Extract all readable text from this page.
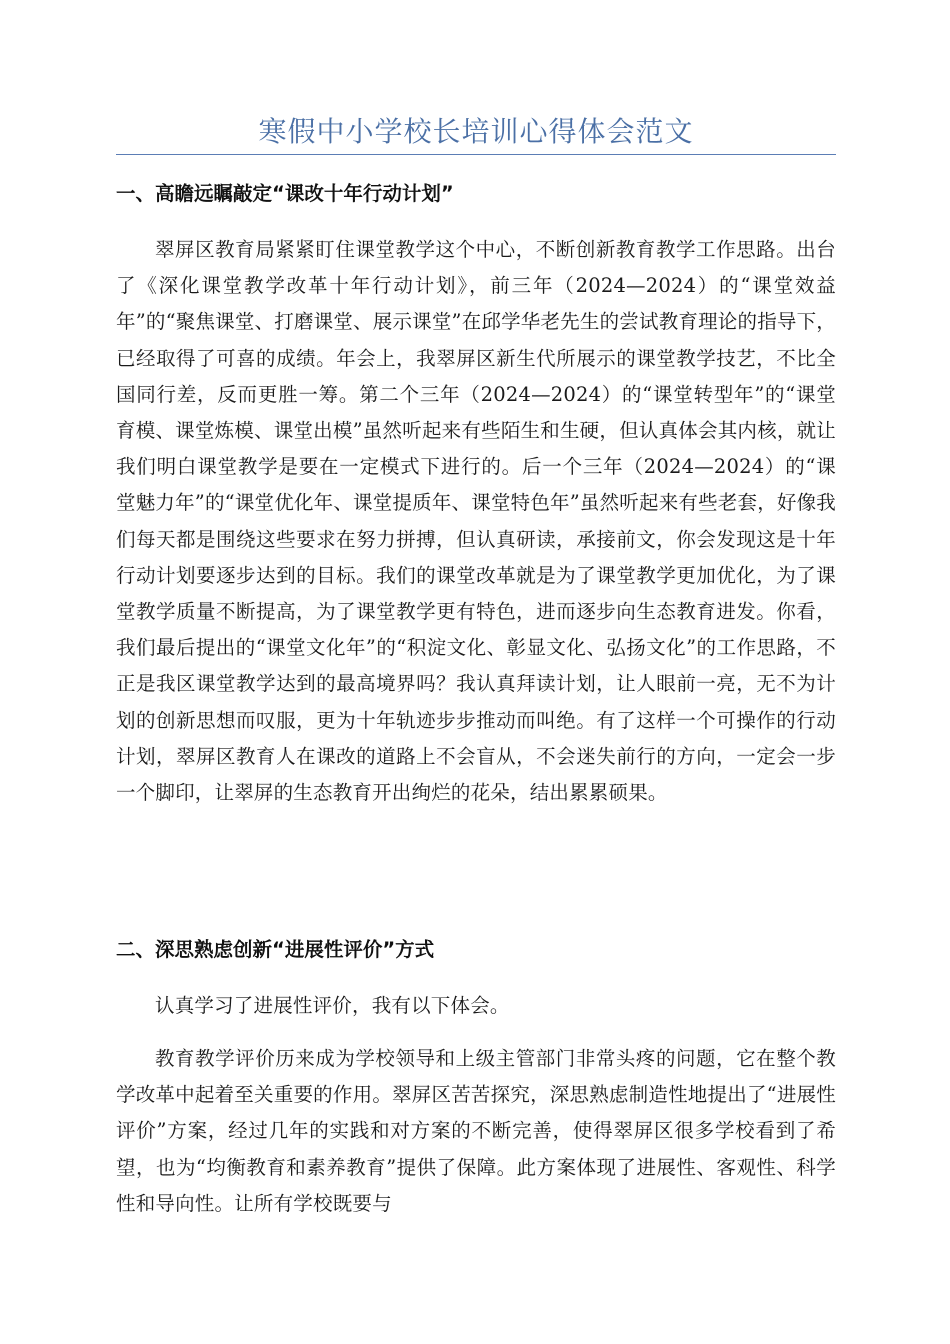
寒假中小学校长培训心得体会范文
一、高瞻远瞩敲定“课改十年行动计划”

翠屏区教育局紧紧盯住课堂教学这个中心，不断创新教育教学工作思路。出台了《深化课堂教学改革十年行动计划》，前三年（2024—2024）的“课堂效益年”的“聚焦课堂、打磨课堂、展示课堂”在邱学华老先生的尝试教育理论的指导下，已经取得了可喜的成绩。年会上，我翠屏区新生代所展示的课堂教学技艺，不比全国同行差，反而更胜一筹。第二个三年（2024—2024）的“课堂转型年”的“课堂育模、课堂炼模、课堂出模”虽然听起来有些陌生和生硬，但认真体会其内核，就让我们明白课堂教学是要在一定模式下进行的。后一个三年（2024—2024）的“课堂魅力年”的“课堂优化年、课堂提质年、课堂特色年”虽然听起来有些老套，好像我们每天都是围绕这些要求在努力拼搏，但认真研读，承接前文，你会发现这是十年行动计划要逐步达到的目标。我们的课堂改革就是为了课堂教学更加优化，为了课堂教学质量不断提高，为了课堂教学更有特色，进而逐步向生态教育进发。你看，我们最后提出的“课堂文化年”的“积淀文化、彰显文化、弘扬文化”的工作思路，不正是我区课堂教学达到的最高境界吗？我认真拜读计划，让人眼前一亮，无不为计划的创新思想而叹服，更为十年轨迹步步推动而叫绝。有了这样一个可操作的行动计划，翠屏区教育人在课改的道路上不会盲从，不会迷失前行的方向，一定会一步一个脚印，让翠屏的生态教育开出绚烂的花朵，结出累累硕果。

二、深思熟虑创新“进展性评价”方式

认真学习了进展性评价，我有以下体会。

教育教学评价历来成为学校领导和上级主管部门非常头疼的问题，它在整个教学改革中起着至关重要的作用。翠屏区苦苦探究，深思熟虑制造性地提出了“进展性评价”方案，经过几年的实践和对方案的不断完善，使得翠屏区很多学校看到了希望，也为“均衡教育和素养教育”提供了保障。此方案体现了进展性、客观性、科学性和导向性。让所有学校既要与
